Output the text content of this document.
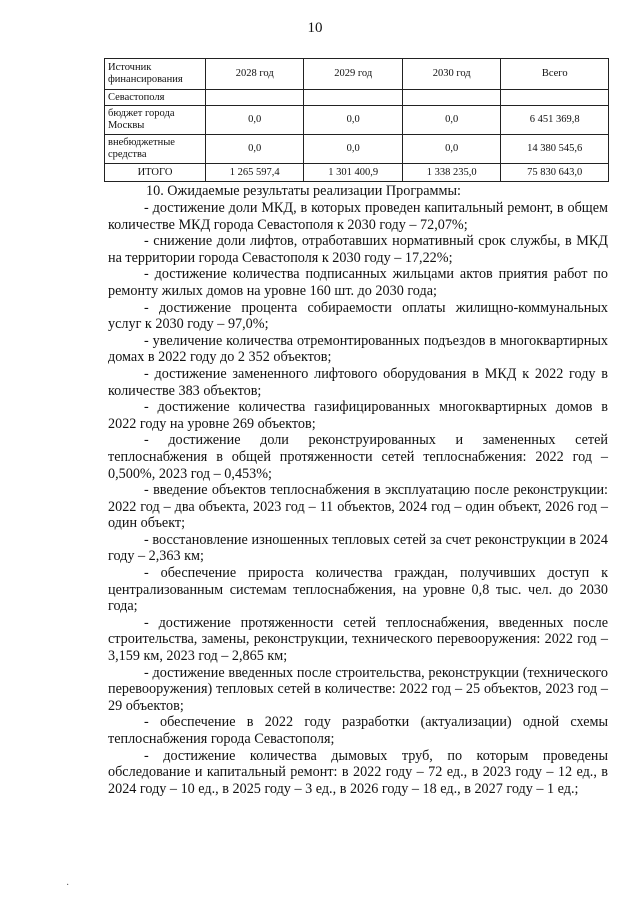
10
Источник финансирования	2028 год	2029 год	2030 год	Всего
Севастополя				
бюджет города Москвы	0,0	0,0	0,0	6 451 369,8
внебюджетные средства	0,0	0,0	0,0	14 380 545,6
ИТОГО	1 265 597,4	1 301 400,9	1 338 235,0	75 830 643,0
10. Ожидаемые результаты реализации Программы:

- достижение доли МКД, в которых проведен капитальный ремонт, в общем количестве МКД города Севастополя к 2030 году – 72,07%;

- снижение доли лифтов, отработавших нормативный срок службы, в МКД на территории города Севастополя к 2030 году – 17,22%;

- достижение количества подписанных жильцами актов приятия работ по ремонту жилых домов на уровне 160 шт. до 2030 года;

- достижение процента собираемости оплаты жилищно-коммунальных услуг к 2030 году – 97,0%;

- увеличение количества отремонтированных подъездов в многоквартирных домах в 2022 году до 2 352 объектов;

- достижение замененного лифтового оборудования в МКД к 2022 году в количестве 383 объектов;

- достижение количества газифицированных многоквартирных домов в 2022 году на уровне 269 объектов;

- достижение доли реконструированных и замененных сетей теплоснабжения в общей протяженности сетей теплоснабжения: 2022 год – 0,500%, 2023 год – 0,453%;

- введение объектов теплоснабжения в эксплуатацию после реконструкции: 2022 год – два объекта, 2023 год – 11 объектов, 2024 год – один объект, 2026 год – один объект;

- восстановление изношенных тепловых сетей за счет реконструкции в 2024 году – 2,363 км;

- обеспечение прироста количества граждан, получивших доступ к централизованным системам теплоснабжения, на уровне 0,8 тыс. чел. до 2030 года;

- достижение протяженности сетей теплоснабжения, введенных после строительства, замены, реконструкции, технического перевооружения: 2022 год – 3,159 км, 2023 год – 2,865 км;

- достижение введенных после строительства, реконструкции (технического перевооружения) тепловых сетей в количестве: 2022 год – 25 объектов, 2023 год – 29 объектов;

- обеспечение в 2022 году разработки (актуализации) одной схемы теплоснабжения города Севастополя;

- достижение количества дымовых труб, по которым проведены обследование и капитальный ремонт: в 2022 году – 72 ед., в 2023 году – 12 ед., в 2024 году – 10 ед., в 2025 году – 3 ед., в 2026 году – 18 ед., в 2027 году – 1 ед.;

·
